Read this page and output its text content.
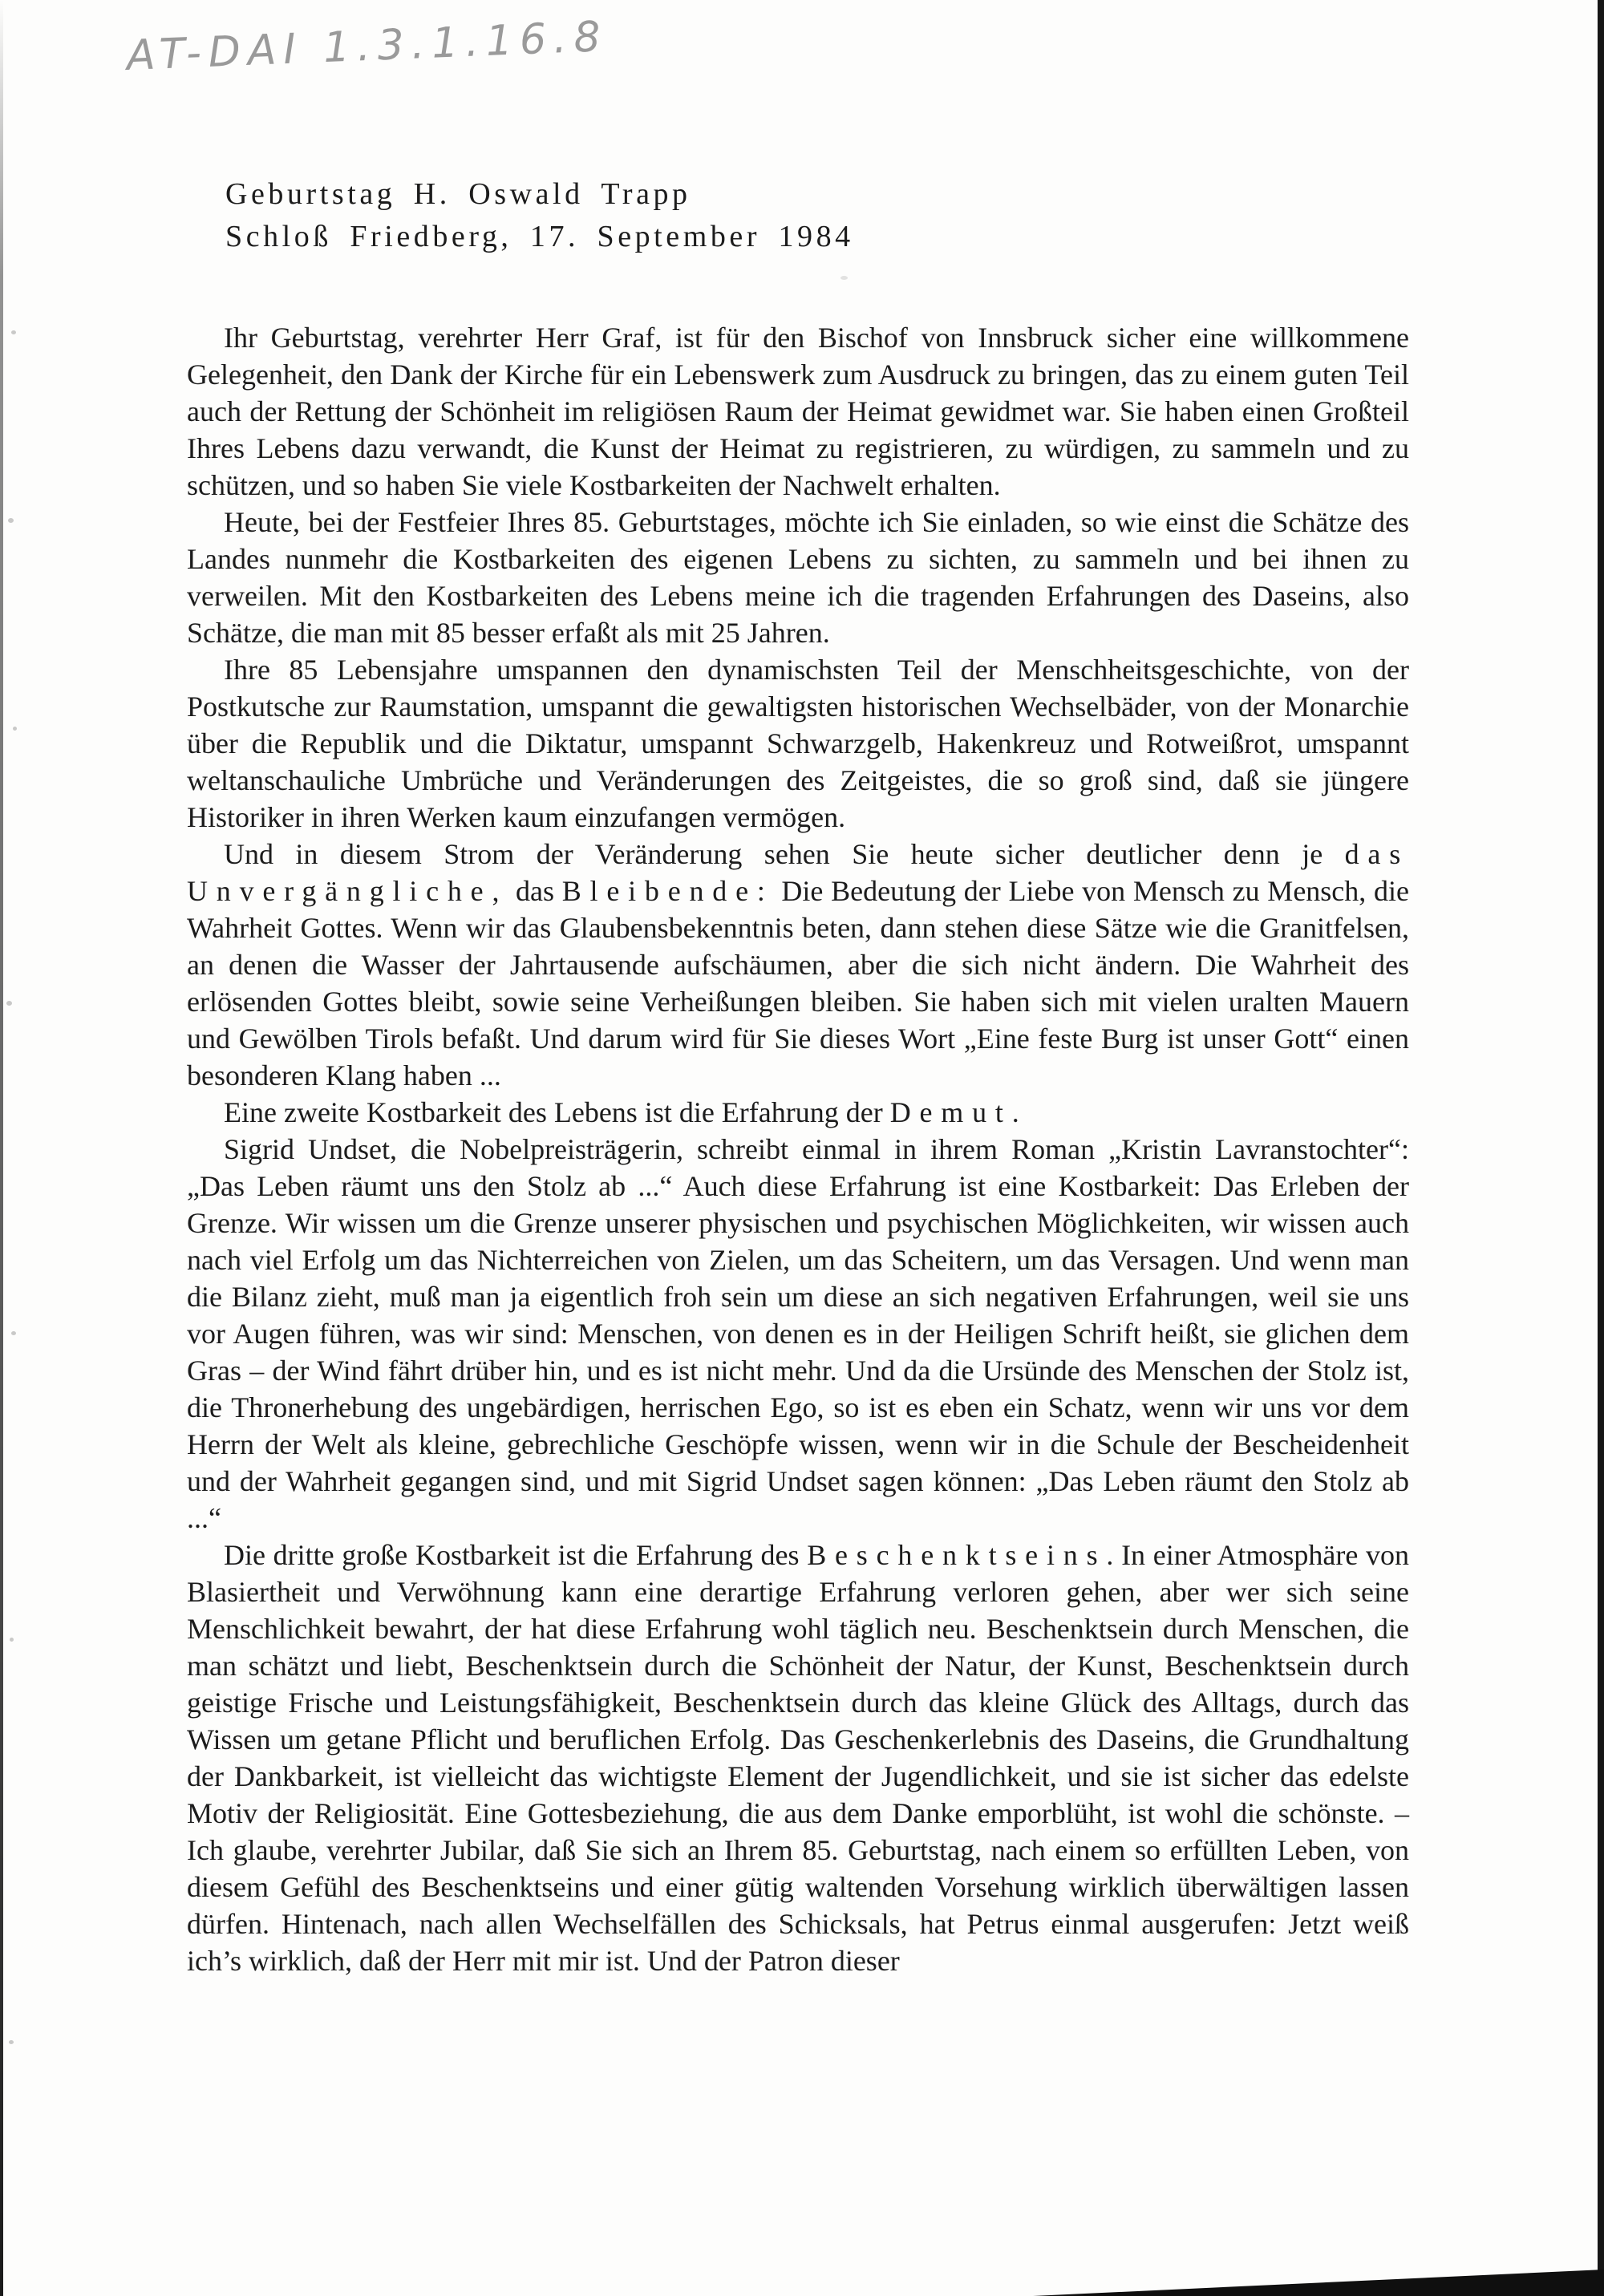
AT-DAI 1.3.1.16.8
Geburtstag H. Oswald Trapp
Schloß Friedberg, 17. September 1984

Ihr Geburtstag, verehrter Herr Graf, ist für den Bischof von Innsbruck sicher eine willkommene Gelegenheit, den Dank der Kirche für ein Lebenswerk zum Ausdruck zu bringen, das zu einem guten Teil auch der Rettung der Schönheit im religiösen Raum der Heimat gewidmet war. Sie haben einen Großteil Ihres Lebens dazu verwandt, die Kunst der Heimat zu registrieren, zu würdigen, zu sammeln und zu schützen, und so haben Sie viele Kostbarkeiten der Nachwelt erhalten.

Heute, bei der Festfeier Ihres 85. Geburtstages, möchte ich Sie einladen, so wie einst die Schätze des Landes nunmehr die Kostbarkeiten des eigenen Lebens zu sichten, zu sammeln und bei ihnen zu verweilen. Mit den Kostbarkeiten des Lebens meine ich die tragenden Erfahrungen des Daseins, also Schätze, die man mit 85 besser erfaßt als mit 25 Jahren.

Ihre 85 Lebensjahre umspannen den dynamischsten Teil der Menschheitsgeschichte, von der Postkutsche zur Raumstation, umspannt die gewaltigsten historischen Wechselbäder, von der Monarchie über die Republik und die Diktatur, umspannt Schwarzgelb, Hakenkreuz und Rotweißrot, umspannt weltanschauliche Umbrüche und Veränderungen des Zeitgeistes, die so groß sind, daß sie jüngere Historiker in ihren Werken kaum einzufangen vermögen.

Und in diesem Strom der Veränderung sehen Sie heute sicher deutlicher denn je das Unvergängliche, das Bleibende: Die Bedeutung der Liebe von Mensch zu Mensch, die Wahrheit Gottes. Wenn wir das Glaubensbekenntnis beten, dann stehen diese Sätze wie die Granitfelsen, an denen die Wasser der Jahrtausende aufschäumen, aber die sich nicht ändern. Die Wahrheit des erlösenden Gottes bleibt, sowie seine Verheißungen bleiben. Sie haben sich mit vielen uralten Mauern und Gewölben Tirols befaßt. Und darum wird für Sie dieses Wort „Eine feste Burg ist unser Gott“ einen besonderen Klang haben ...

Eine zweite Kostbarkeit des Lebens ist die Erfahrung der Demut.

Sigrid Undset, die Nobelpreisträgerin, schreibt einmal in ihrem Roman „Kristin Lavranstochter“: „Das Leben räumt uns den Stolz ab ...“ Auch diese Erfahrung ist eine Kostbarkeit: Das Erleben der Grenze. Wir wissen um die Grenze unserer physischen und psychischen Möglichkeiten, wir wissen auch nach viel Erfolg um das Nichterreichen von Zielen, um das Scheitern, um das Versagen. Und wenn man die Bilanz zieht, muß man ja eigentlich froh sein um diese an sich negativen Erfahrungen, weil sie uns vor Augen führen, was wir sind: Menschen, von denen es in der Heiligen Schrift heißt, sie glichen dem Gras – der Wind fährt drüber hin, und es ist nicht mehr. Und da die Ursünde des Menschen der Stolz ist, die Thronerhebung des ungebärdigen, herrischen Ego, so ist es eben ein Schatz, wenn wir uns vor dem Herrn der Welt als kleine, gebrechliche Geschöpfe wissen, wenn wir in die Schule der Bescheidenheit und der Wahrheit gegangen sind, und mit Sigrid Undset sagen können: „Das Leben räumt den Stolz ab ...“

Die dritte große Kostbarkeit ist die Erfahrung des Beschenktseins. In einer Atmosphäre von Blasiertheit und Verwöhnung kann eine derartige Erfahrung verloren gehen, aber wer sich seine Menschlichkeit bewahrt, der hat diese Erfahrung wohl täglich neu. Beschenktsein durch Menschen, die man schätzt und liebt, Beschenktsein durch die Schönheit der Natur, der Kunst, Beschenktsein durch geistige Frische und Leistungsfähigkeit, Beschenktsein durch das kleine Glück des Alltags, durch das Wissen um getane Pflicht und beruflichen Erfolg. Das Geschenkerlebnis des Daseins, die Grundhaltung der Dankbarkeit, ist vielleicht das wichtigste Element der Jugendlichkeit, und sie ist sicher das edelste Motiv der Religiosität. Eine Gottesbeziehung, die aus dem Danke emporblüht, ist wohl die schönste. – Ich glaube, verehrter Jubilar, daß Sie sich an Ihrem 85. Geburtstag, nach einem so erfüllten Leben, von diesem Gefühl des Beschenktseins und einer gütig waltenden Vorsehung wirklich überwältigen lassen dürfen. Hintenach, nach allen Wechselfällen des Schicksals, hat Petrus einmal ausgerufen: Jetzt weiß ich’s wirklich, daß der Herr mit mir ist. Und der Patron dieser
